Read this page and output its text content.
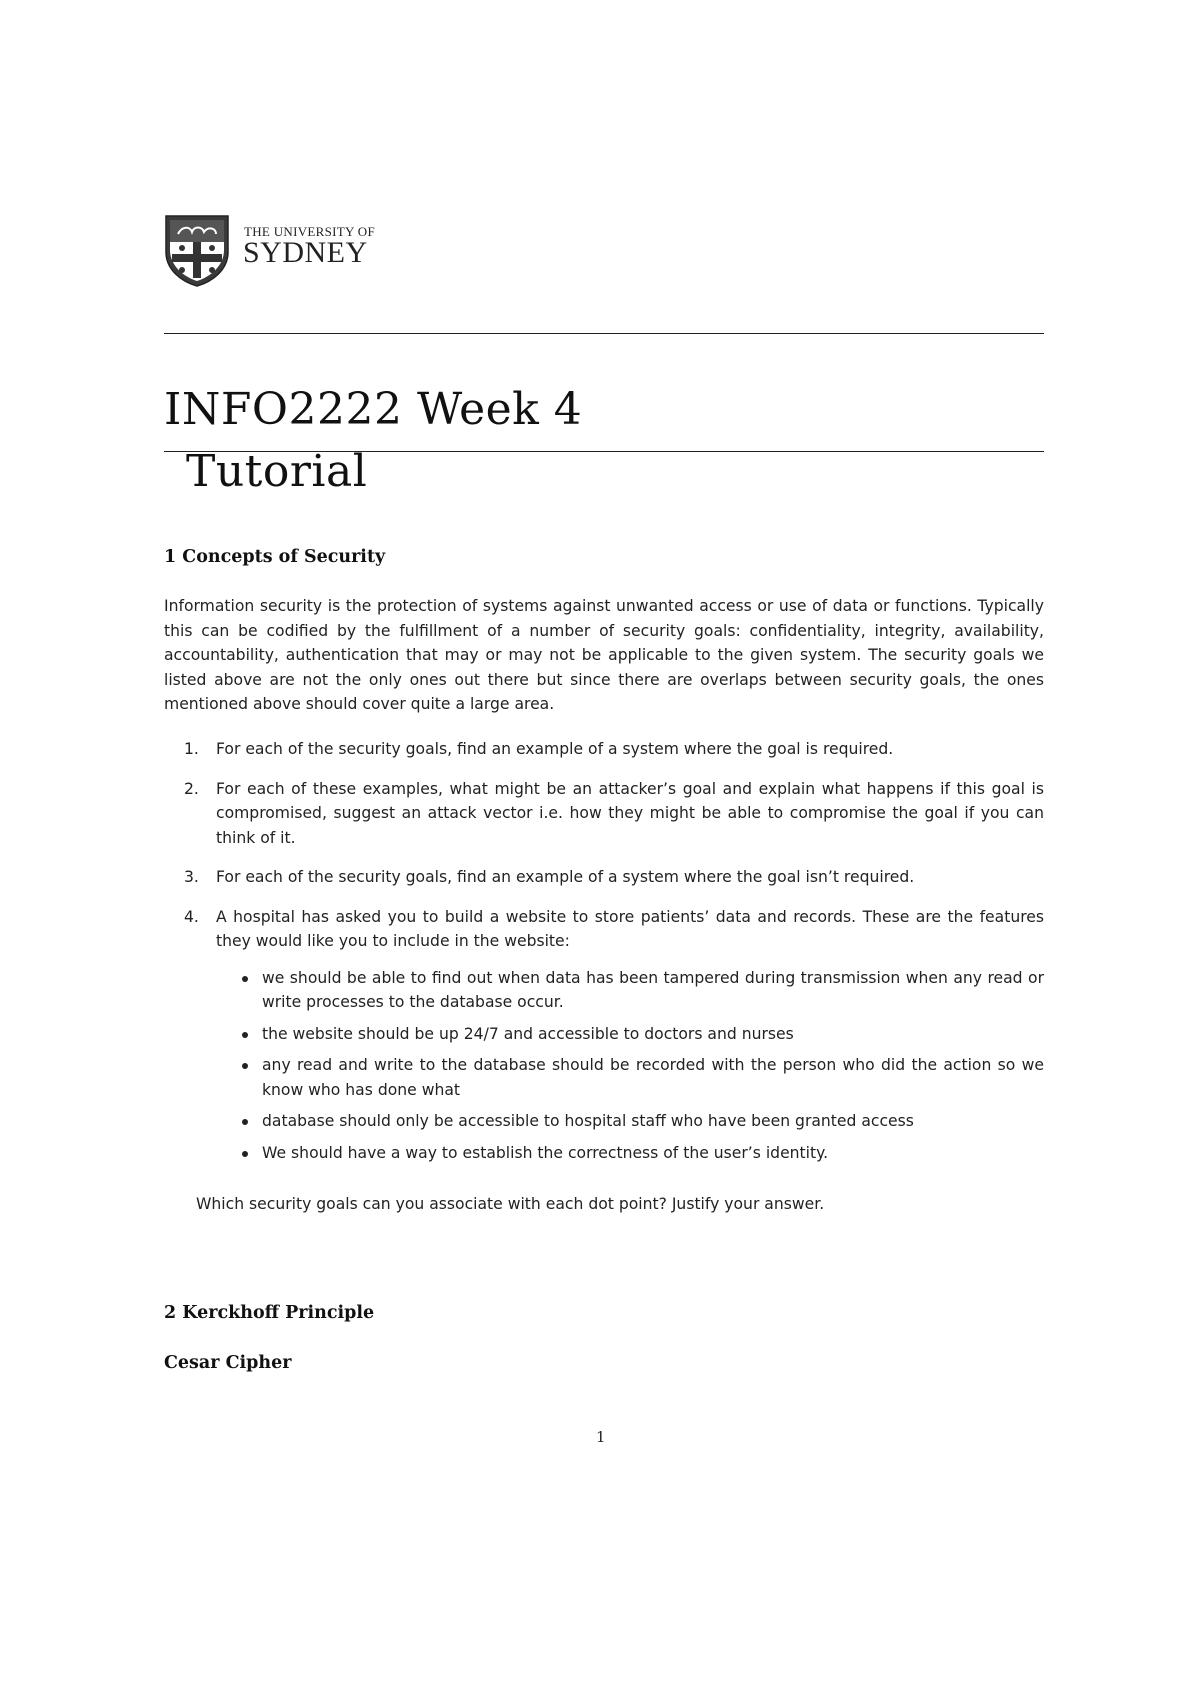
THE UNIVERSITY OF
SYDNEY
INFO2222 Week 4
Tutorial
1 Concepts of Security
Information security is the protection of systems against unwanted access or use of data or functions. Typically this can be codified by the fulfillment of a number of security goals: confidentiality, integrity, availability, accountability, authentication that may or may not be applicable to the given system. The security goals we listed above are not the only ones out there but since there are overlaps between security goals, the ones mentioned above should cover quite a large area.
1. For each of the security goals, find an example of a system where the goal is required.
2. For each of these examples, what might be an attacker’s goal and explain what happens if this goal is compromised, suggest an attack vector i.e. how they might be able to compromise the goal if you can think of it.
3. For each of the security goals, find an example of a system where the goal isn’t required.
4. A hospital has asked you to build a website to store patients’ data and records. These are the features they would like you to include in the website:
we should be able to find out when data has been tampered during transmission when any read or write processes to the database occur.
the website should be up 24/7 and accessible to doctors and nurses
any read and write to the database should be recorded with the person who did the action so we know who has done what
database should only be accessible to hospital staff who have been granted access
We should have a way to establish the correctness of the user’s identity.
Which security goals can you associate with each dot point? Justify your answer.
2 Kerckhoff Principle
Cesar Cipher
1
